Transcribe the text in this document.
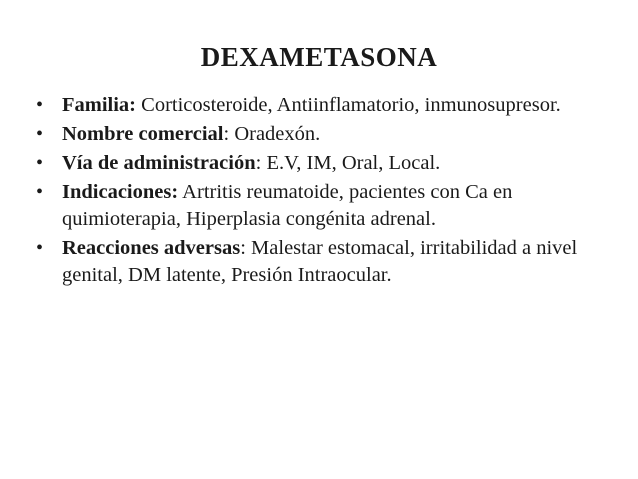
DEXAMETASONA
• Familia: Corticosteroide, Antiinflamatorio, inmunosupresor.
• Nombre comercial: Oradexón.
• Vía de administración: E.V, IM, Oral, Local.
• Indicaciones: Artritis reumatoide, pacientes con Ca en quimioterapia, Hiperplasia congénita adrenal.
• Reacciones adversas: Malestar estomacal, irritabilidad a nivel genital, DM latente, Presión Intraocular.
